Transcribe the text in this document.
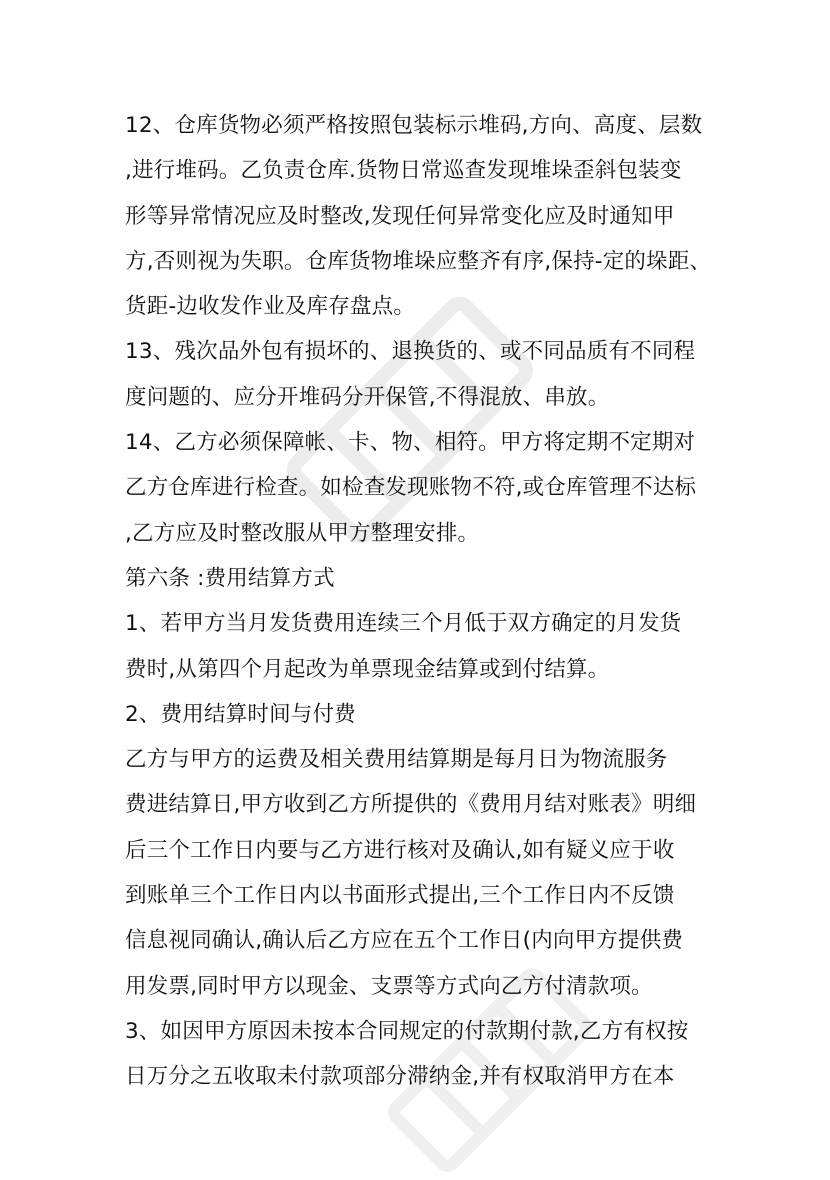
12、仓库货物必须严格按照包装标示堆码,方向、高度、层数
,进行堆码。乙负责仓库.货物日常巡查发现堆垛歪斜包装变
形等异常情况应及时整改,发现任何异常变化应及时通知甲
方,否则视为失职。仓库货物堆垛应整齐有序,保持-定的垛距、
货距-边收发作业及库存盘点。
13、残次品外包有损坏的、退换货的、或不同品质有不同程
度问题的、应分开堆码分开保管,不得混放、串放。
14、乙方必须保障帐、卡、物、相符。甲方将定期不定期对
乙方仓库进行检查。如检查发现账物不符,或仓库管理不达标
,乙方应及时整改服从甲方整理安排。
第六条 :费用结算方式
1、若甲方当月发货费用连续三个月低于双方确定的月发货
费时,从第四个月起改为单票现金结算或到付结算。
2、费用结算时间与付费
乙方与甲方的运费及相关费用结算期是每月日为物流服务
费进结算日,甲方收到乙方所提供的《费用月结对账表》明细
后三个工作日内要与乙方进行核对及确认,如有疑义应于收
到账单三个工作日内以书面形式提出,三个工作日内不反馈
信息视同确认,确认后乙方应在五个工作日(内向甲方提供费
用发票,同时甲方以现金、支票等方式向乙方付清款项。
3、如因甲方原因未按本合同规定的付款期付款,乙方有权按
日万分之五收取未付款项部分滞纳金,并有权取消甲方在本
